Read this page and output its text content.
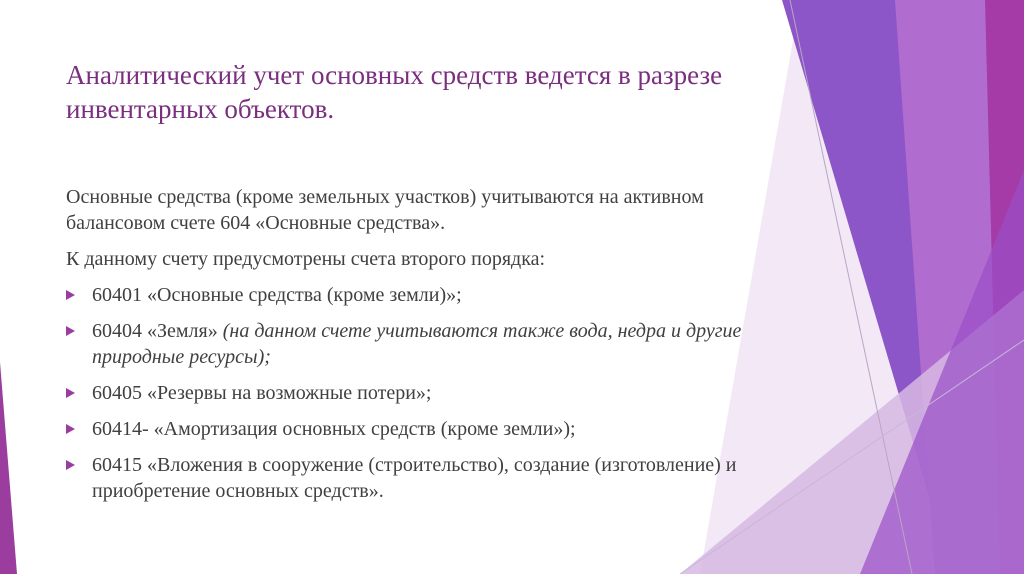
Аналитический учет основных средств ведется в разрезе инвентарных объектов.

Основные средства (кроме земельных участков) учитываются на активном балансовом счете 604 «Основные средства».

К данному счету предусмотрены счета второго порядка:

60401 «Основные средства (кроме земли)»;
60404 «Земля» (на данном счете учитываются также вода, недра и другие природные ресурсы);
60405 «Резервы на возможные потери»;
60414- «Амортизация основных средств (кроме земли»);
60415 «Вложения в сооружение (строительство), создание (изготовление) и приобретение основных средств».
